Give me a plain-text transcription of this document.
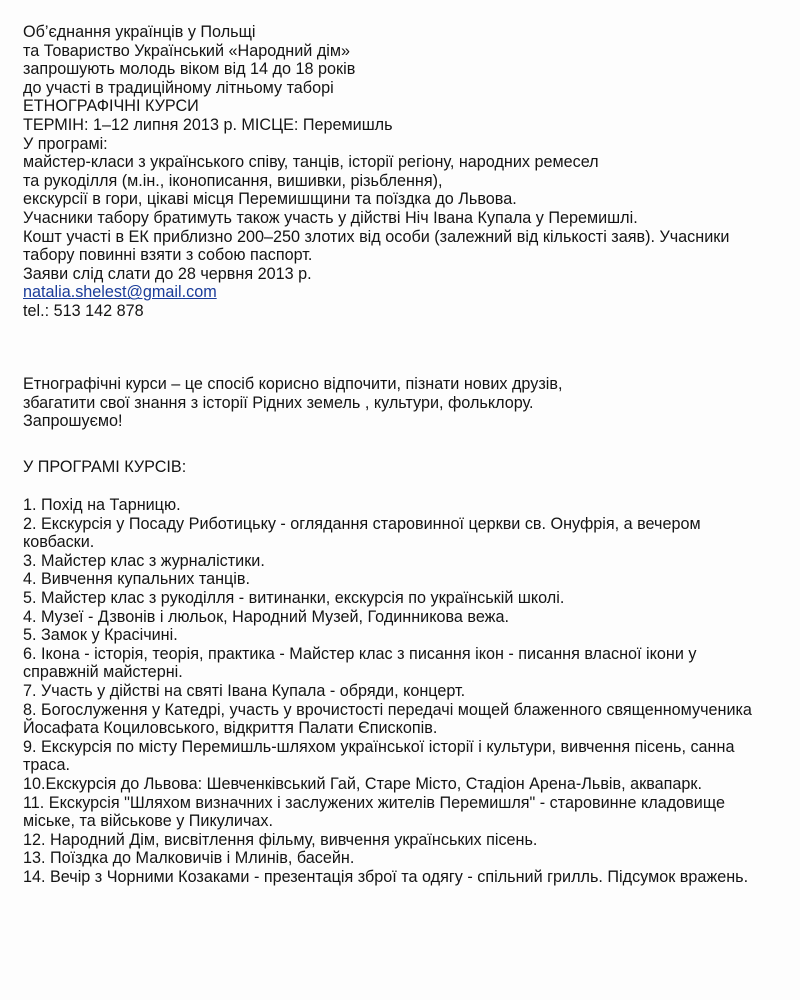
Об’єднання українців у Польщі
та Товариство Український «Народний дім»
запрошують молодь віком від 14 до 18 років
до участі в традиційному літньому таборі
ЕТНОГРАФІЧНІ КУРСИ
ТЕРМІН: 1–12 липня 2013 р. МІСЦЕ: Перемишль
У програмі:
майстер-класи з українського співу, танців, історії регіону, народних ремесел
та рукоділля (м.ін., іконописання, вишивки, різьблення),
екскурсії в гори, цікаві місця Перемишщини та поїздка до Львова.
Учасники табору братимуть також участь у дійстві Ніч Івана Купала у Перемишлі.
Кошт участі в ЕК приблизно 200–250 злотих від особи (залежний від кількості заяв). Учасники
табору повинні взяти з собою паспорт.
Заяви слід слати до 28 червня 2013 р.
natalia.shelest@gmail.com
tel.: 513 142 878
Етнографічні курси – це спосіб корисно відпочити, пізнати нових друзів,
збагатити свої знання з історії Рідних земель , культури, фольклору.
Запрошуємо!
У ПРОГРАМІ КУРСІВ:
1. Похід на Тарницю.
2. Екскурсія у Посаду Риботицьку - оглядання старовинної церкви св. Онуфрія, а вечером
ковбаски.
3. Майстер клас з журналістики.
4. Вивчення купальних танців.
5. Майстер клас з рукоділля - витинанки, екскурсія по українській школі.
4. Музеї - Дзвонів і люльок, Народний Музей, Годинникова вежа.
5. Замок у Красічині.
6. Ікона - історія, теорія, практика - Майстер клас з писання ікон - писання власної ікони у
справжній майстерні.
7. Участь у дійстві на святі Івана Купала - обряди, концерт.
8. Богослуження у Катедрі, участь у врочистості передачі мощей блаженного священномученика
Йосафата Коциловського, відкриття Палати Єпископів.
9. Екскурсія по місту Перемишль-шляхом української історії і культури, вивчення пісень, санна
траса.
10.Екскурсія до Львова: Шевченківський Гай, Старе Місто, Стадіон Арена-Львів, аквапарк.
11. Екскурсія "Шляхом визначних і заслужених жителів Перемишля" - старовинне кладовище
міське, та військове у Пикуличах.
12. Народний Дім, висвітлення фільму, вивчення українських пісень.
13. Поїздка до Малковичів і Млинів, басейн.
14. Вечір з Чорними Козаками - презентація зброї та одягу - спільний грилль. Підсумок вражень.
